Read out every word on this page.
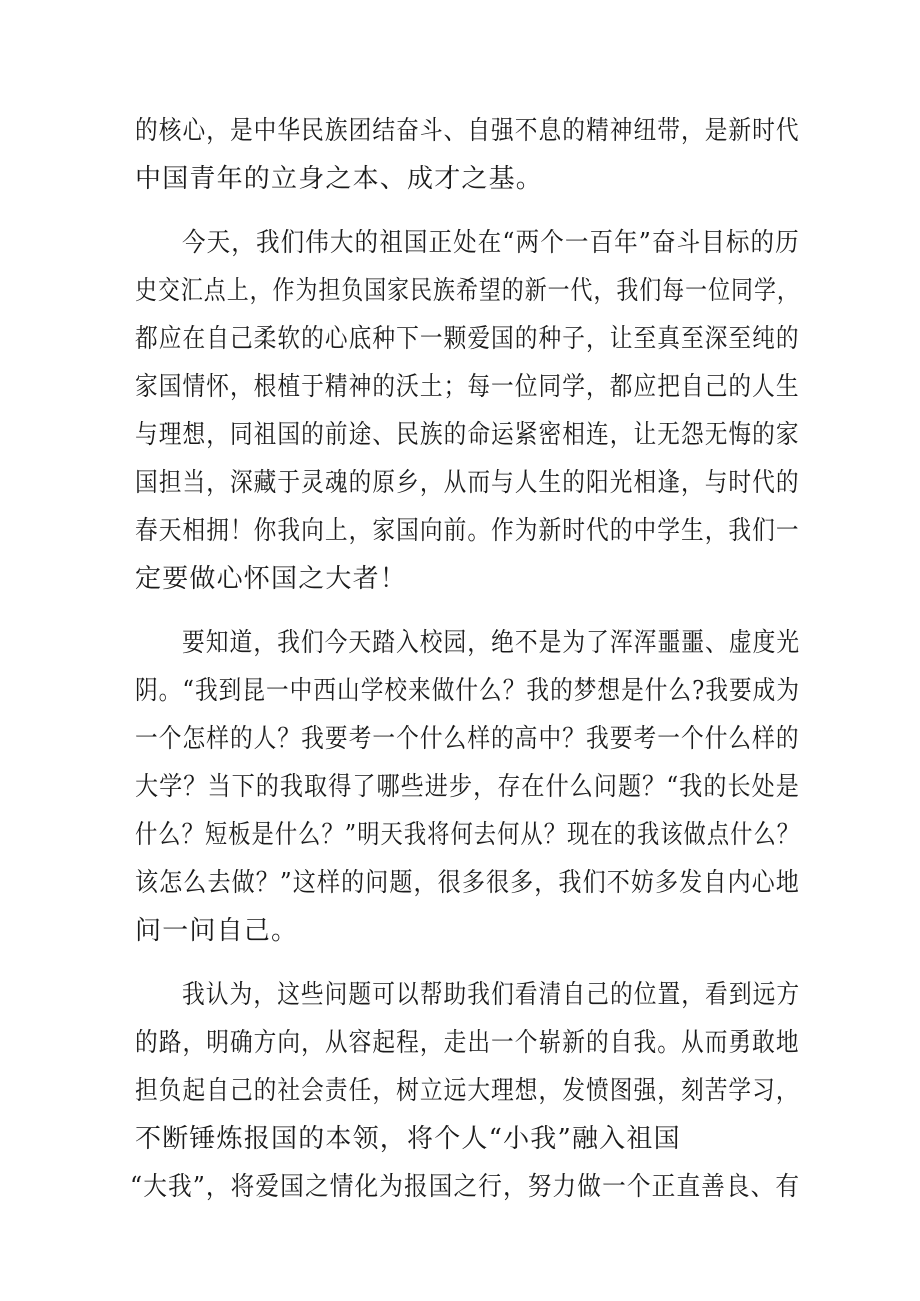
的核心，是中华民族团结奋斗、自强不息的精神纽带，是新时代
中国青年的立身之本、成才之基。
今天，我们伟大的祖国正处在“两个一百年”奋斗目标的历
史交汇点上，作为担负国家民族希望的新一代，我们每一位同学，
都应在自己柔软的心底种下一颗爱国的种子，让至真至深至纯的
家国情怀，根植于精神的沃土；每一位同学，都应把自己的人生
与理想，同祖国的前途、民族的命运紧密相连，让无怨无悔的家
国担当，深藏于灵魂的原乡，从而与人生的阳光相逢，与时代的
春天相拥！你我向上，家国向前。作为新时代的中学生，我们一
定要做心怀国之大者！
要知道，我们今天踏入校园，绝不是为了浑浑噩噩、虚度光
阴。“我到昆一中西山学校来做什么？我的梦想是什么?我要成为
一个怎样的人？我要考一个什么样的高中？我要考一个什么样的
大学？当下的我取得了哪些进步，存在什么问题？“我的长处是
什么？短板是什么？”明天我将何去何从？现在的我该做点什么？
该怎么去做？”这样的问题，很多很多，我们不妨多发自内心地
问一问自己。
我认为，这些问题可以帮助我们看清自己的位置，看到远方
的路，明确方向，从容起程，走出一个崭新的自我。从而勇敢地
担负起自己的社会责任，树立远大理想，发愤图强，刻苦学习，
不断锤炼报国的本领，将个人“小我”融入祖国
“大我”，将爱国之情化为报国之行，努力做一个正直善良、有
